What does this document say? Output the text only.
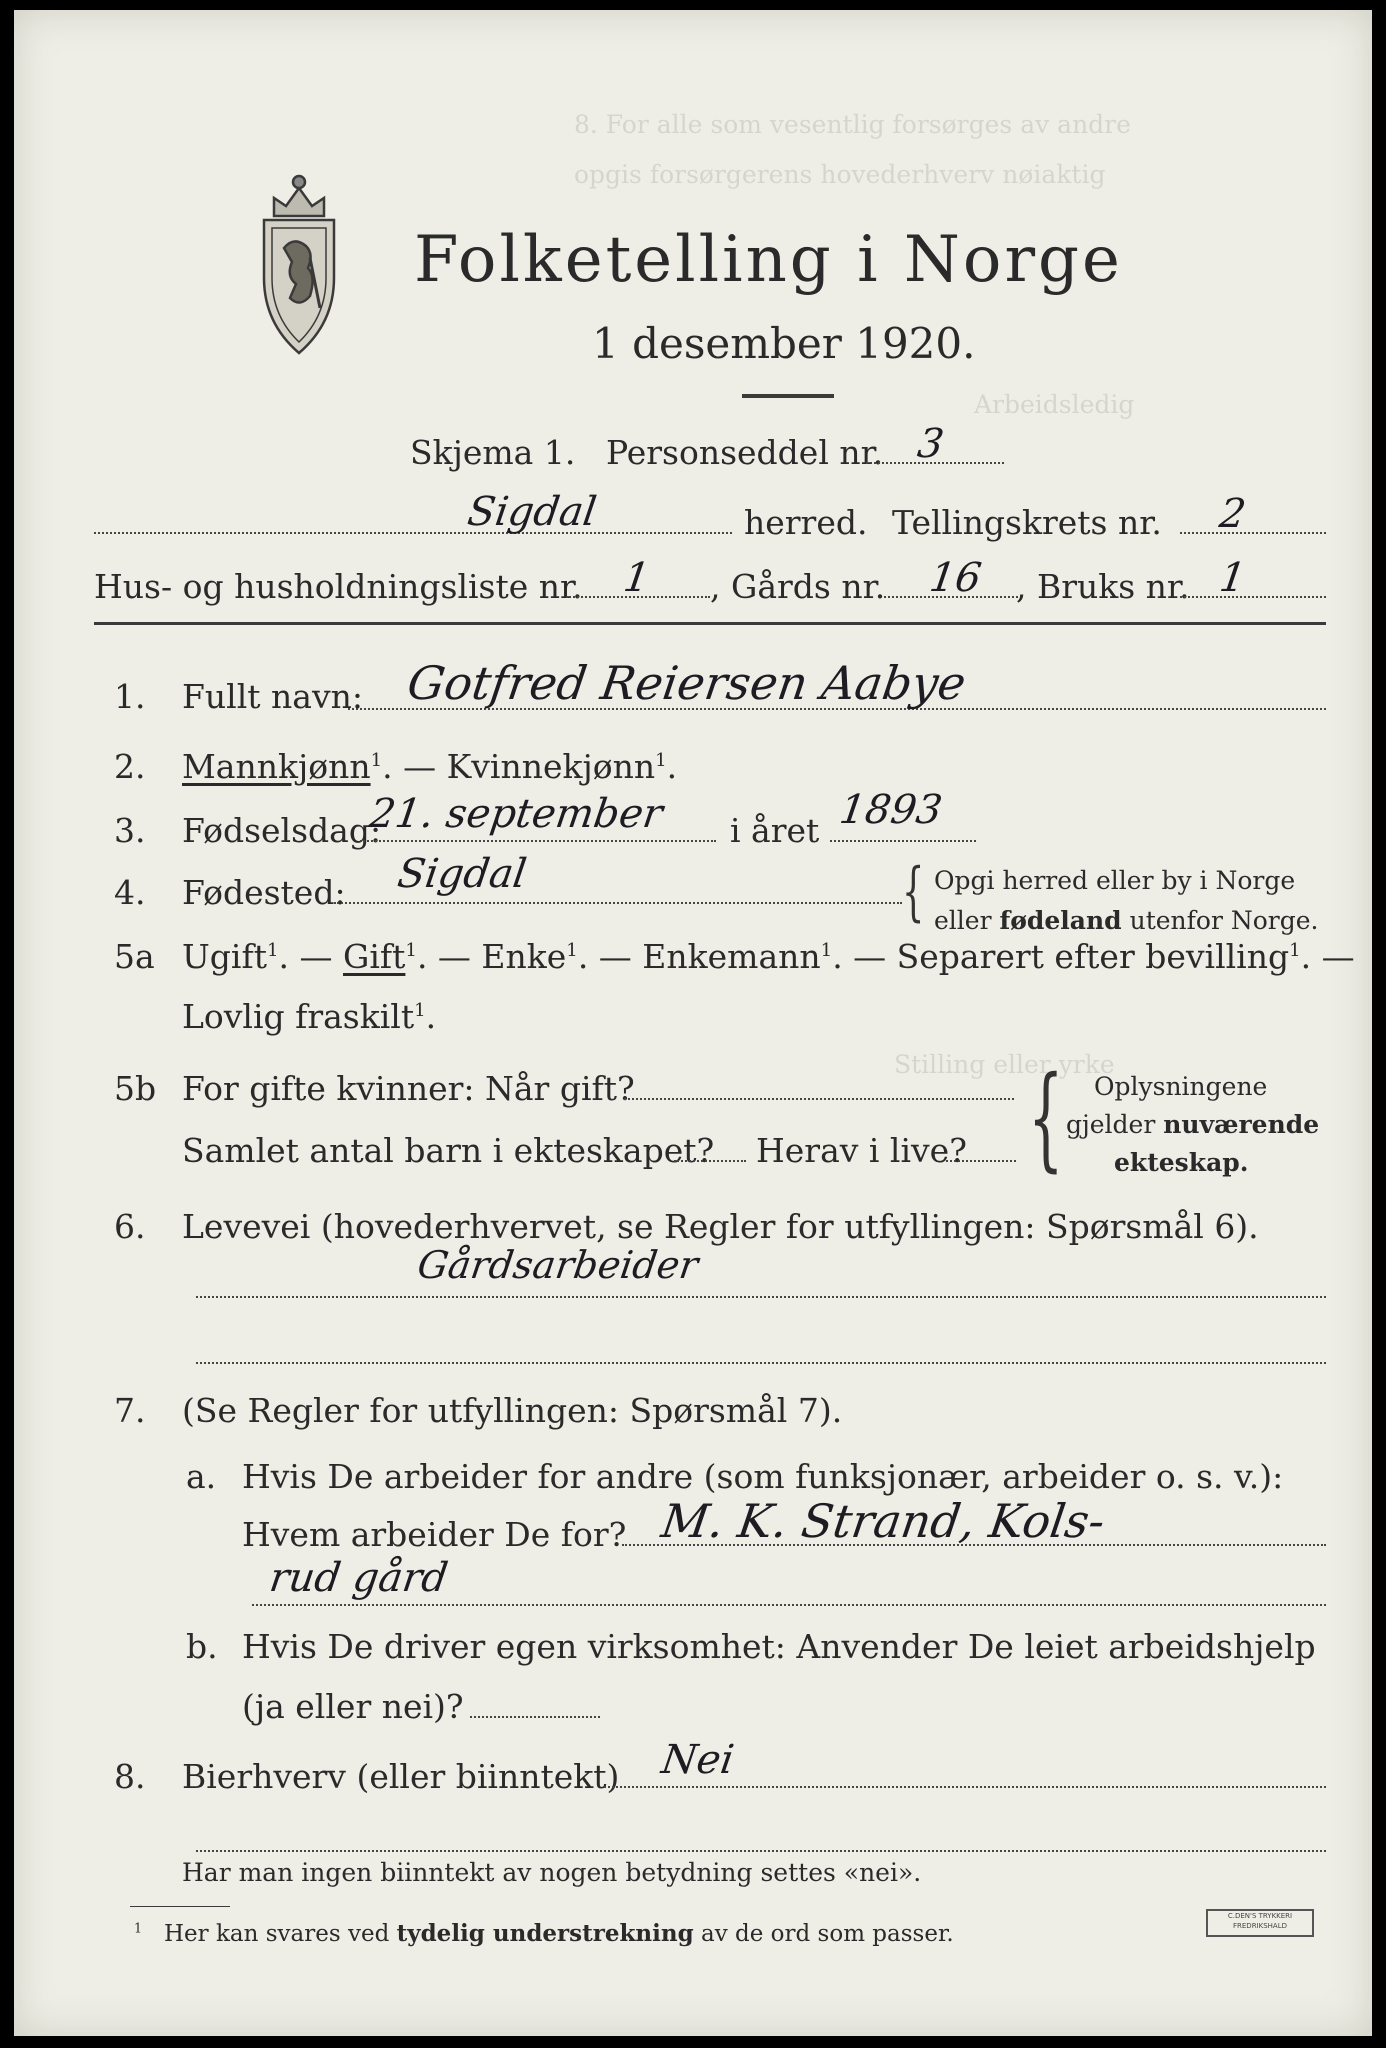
8. For alle som vesentlig forsørges av andre
opgis forsørgerens hovederhverv nøiaktig
Arbeidsledig
Stilling eller yrke
Folketelling i Norge
1 desember 1920.
Skjema 1. Personseddel nr. 3
Sigdal	herred. Tellingskrets nr. 2
Hus- og husholdningsliste nr. 1 , Gårds nr. 16 , Bruks nr. 1
1. Fullt navn: Gotfred Reiersen Aabye
2. Mannkjønn$^1$. — Kvinnekjønn$^1$.
3. Fødselsdag:
21. september i året 1893
4. Fødested: Sigdal	{ Opgi herred eller by i Norge
eller fødeland utenfor Norge.
5a Ugift$^1$. — Gift$^1$. — Enke$^1$. — Enkemann$^1$. — Separert efter bevilling$^1$. —
Lovlig fraskilt$^1$.
5b For gifte kvinner: Når gift?
Samlet antal barn i ekteskapet? Herav i live? { Oplysningene
gjelder nuværende
ekteskap.
6. Levevei (hovederhvervet, se Regler for utfyllingen: Spørsmål 6).
Gårdsarbeider
7. (Se Regler for utfyllingen: Spørsmål 7).
a. Hvis De arbeider for andre (som funksjonær, arbeider o. s. v.):
Hvem arbeider De for? M. K. Strand, Kols-
rud gård
b. Hvis De driver egen virksomhet: Anvender De leiet arbeidshjelp
(ja eller nei)?
8. Bierhverv (eller biinntekt) Nei
Har man ingen biinntekt av nogen betydning settes «nei».
$^1$ Her kan svares ved tydelig understrekning av de ord som passer.
C.DEN'S TRYKKERI
FREDRIKSHALD
